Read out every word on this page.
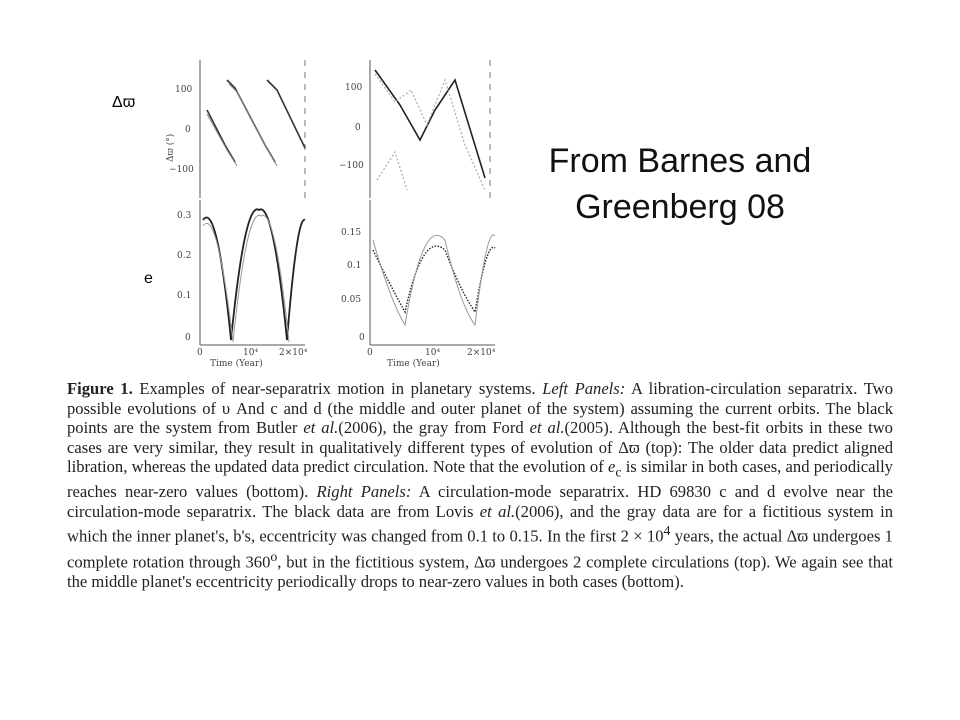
Δϖ
e
From Barnes and
Greenberg 08
100
0
−100
Δϖ (°)
0.3
0.2
0.1
0
0	10⁴ 2×10⁴
Time (Year)
100
0
−100
0.15
0.1
0.05
0
0	10⁴	2×10⁴
Time (Year)
Figure 1. Examples of near-separatrix motion in planetary systems. Left Panels: A libration-circulation separatrix. Two possible evolutions of υ And c and d (the middle and outer planet of the system) assuming the current orbits. The black points are the system from Butler et al.(2006), the gray from Ford et al.(2005). Although the best-fit orbits in these two cases are very similar, they result in qualitatively different types of evolution of Δϖ (top): The older data predict aligned libration, whereas the updated data predict circulation. Note that the evolution of $e_c$ is similar in both cases, and periodically reaches near-zero values (bottom). Right Panels: A circulation-mode separatrix. HD 69830 c and d evolve near the circulation-mode separatrix. The black data are from Lovis et al.(2006), and the gray data are for a fictitious system in which the inner planet's, b's, eccentricity was changed from 0.1 to 0.15. In the first $2 \times 10^4$ years, the actual Δϖ undergoes 1 complete rotation through 360$^o$, but in the fictitious system, Δϖ undergoes 2 complete circulations (top). We again see that the middle planet's eccentricity periodically drops to near-zero values in both cases (bottom).
